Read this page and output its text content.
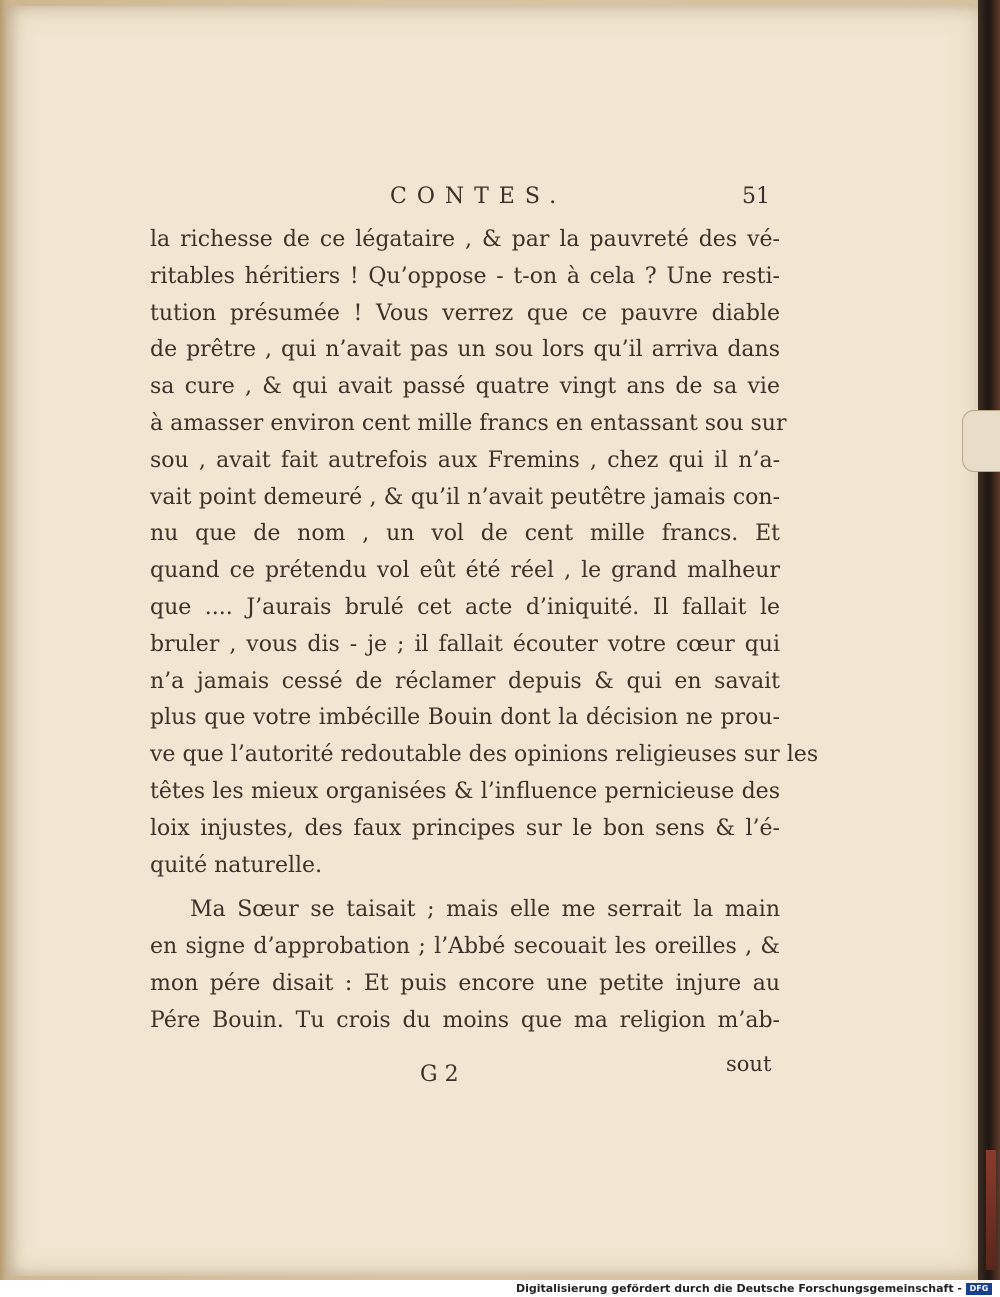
CONTES.	51
la richesse de ce légataire , & par la pauvreté des vé-
ritables héritiers ! Qu’oppose - t-on à cela ? Une resti-
tution présumée ! Vous verrez que ce pauvre diable
de prêtre , qui n’avait pas un sou lors qu’il arriva dans
sa cure , & qui avait passé quatre vingt ans de sa vie
à amasser environ cent mille francs en entassant sou sur
sou , avait fait autrefois aux Fremins , chez qui il n’a-
vait point demeuré , & qu’il n’avait peutêtre jamais con-
nu que de nom , un vol de cent mille francs. Et
quand ce prétendu vol eût été réel , le grand malheur
que .... J’aurais brulé cet acte d’iniquité. Il fallait le
bruler , vous dis - je ; il fallait écouter votre cœur qui
n’a jamais cessé de réclamer depuis & qui en savait
plus que votre imbécille Bouin dont la décision ne prou-
ve que l’autorité redoutable des opinions religieuses sur les
têtes les mieux organisées & l’influence pernicieuse des
loix injustes, des faux principes sur le bon sens & l’é-
quité naturelle.
Ma Sœur se taisait ; mais elle me serrait la main
en signe d’approbation ; l’Abbé secouait les oreilles , &
mon pére disait : Et puis encore une petite injure au
Pére Bouin. Tu crois du moins que ma religion m’ab-
G 2	sout
Digitalisierung gefördert durch die Deutsche Forschungsgemeinschaft - DFG
